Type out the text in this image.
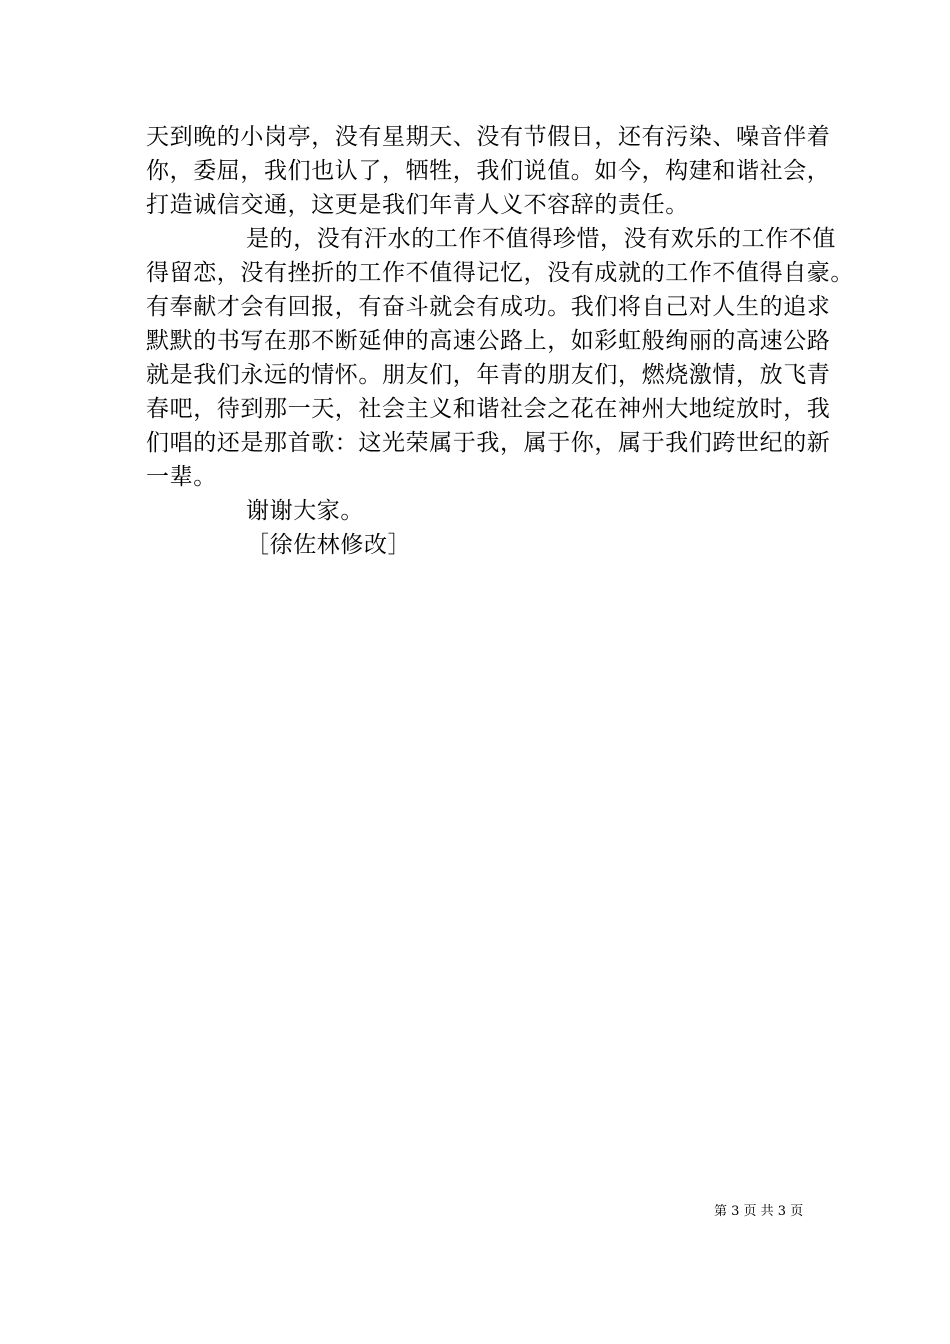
天到晚的小岗亭，没有星期天、没有节假日，还有污染、噪音伴着
你，委屈，我们也认了，牺牲，我们说值。如今，构建和谐社会，
打造诚信交通，这更是我们年青人义不容辞的责任。
是的，没有汗水的工作不值得珍惜，没有欢乐的工作不值
得留恋，没有挫折的工作不值得记忆，没有成就的工作不值得自豪。
有奉献才会有回报，有奋斗就会有成功。我们将自己对人生的追求
默默的书写在那不断延伸的高速公路上，如彩虹般绚丽的高速公路
就是我们永远的情怀。朋友们，年青的朋友们，燃烧激情，放飞青
春吧，待到那一天，社会主义和谐社会之花在神州大地绽放时，我
们唱的还是那首歌：这光荣属于我，属于你，属于我们跨世纪的新
一辈。
谢谢大家。
［徐佐林修改］
第 3 页 共 3 页
